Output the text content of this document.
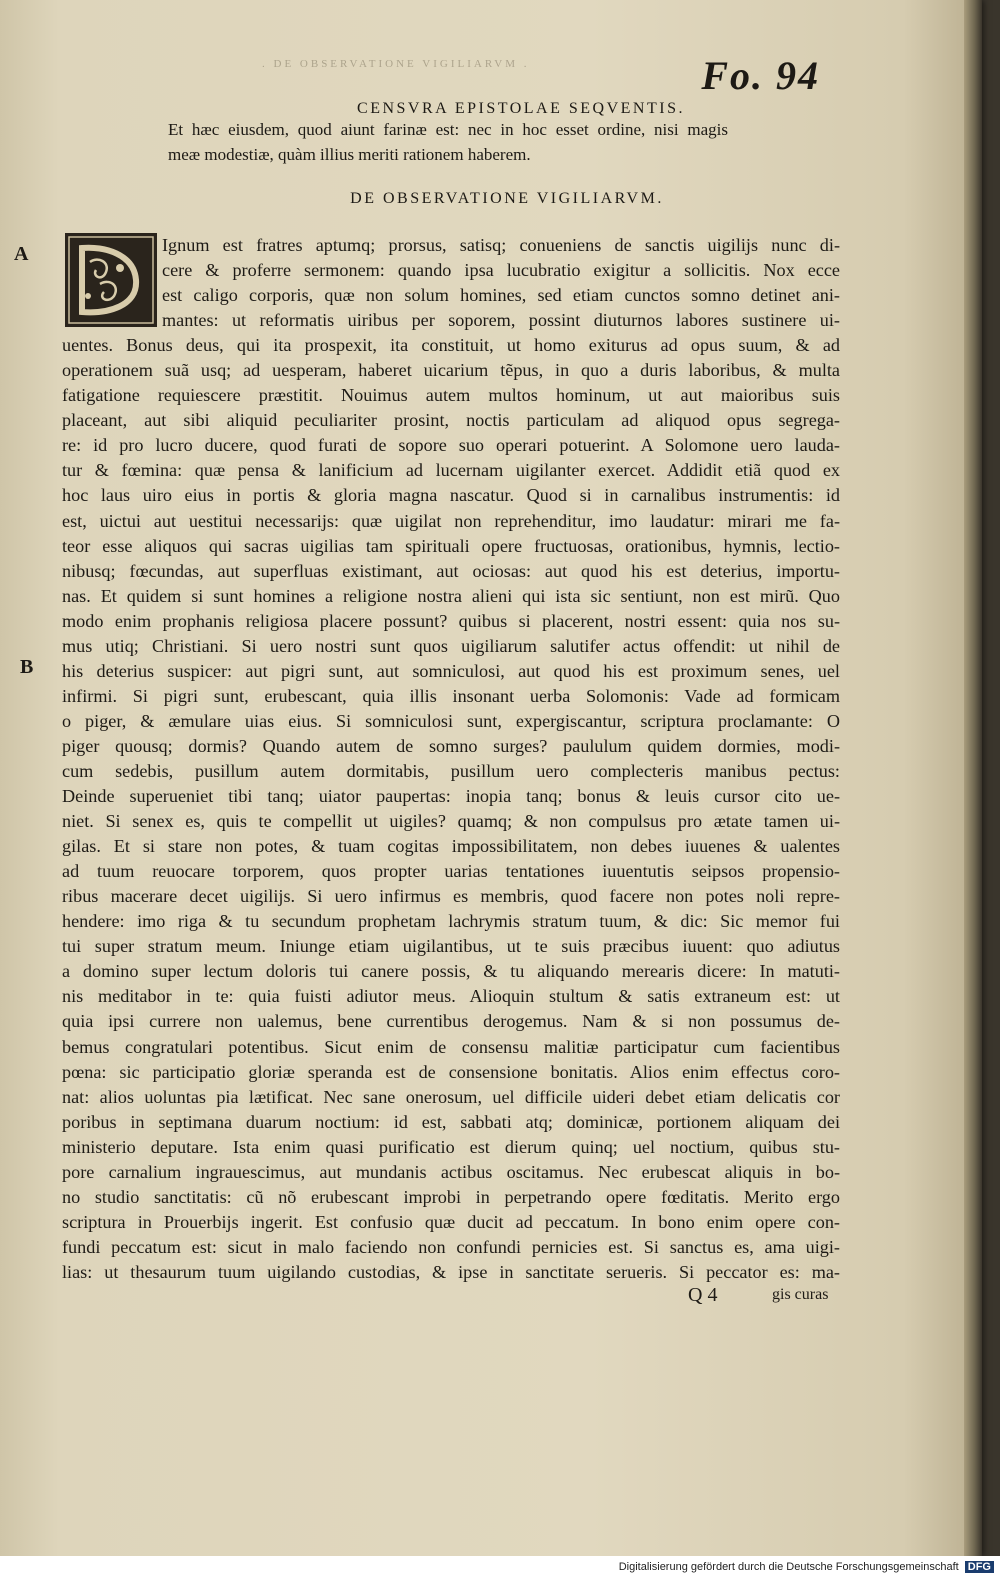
. DE OBSERVATIONE VIGILIARVM .	Fo. 94
CENSVRA EPISTOLAE SEQVENTIS.
Et hæc eiusdem, quod aiunt farinæ est: nec in hoc esset ordine, nisi magis
meæ modestiæ, quàm illius meriti rationem haberem.
DE OBSERVATIONE VIGILIARVM.
A
B
Ignum est fratres aptumq; prorsus, satisq; conueniens de sanctis uigilijs nunc di-
cere & proferre sermonem: quando ipsa lucubratio exigitur a sollicitis. Nox ecce
est caligo corporis, quæ non solum homines, sed etiam cunctos somno detinet ani-
mantes: ut reformatis uiribus per soporem, possint diuturnos labores sustinere ui-
uentes. Bonus deus, qui ita prospexit, ita constituit, ut homo exiturus ad opus suum, & ad
operationem suã usq; ad uesperam, haberet uicarium tẽpus, in quo a duris laboribus, & multa
fatigatione requiescere præstitit. Nouimus autem multos hominum, ut aut maioribus suis
placeant, aut sibi aliquid peculiariter prosint, noctis particulam ad aliquod opus segrega-
re: id pro lucro ducere, quod furati de sopore suo operari potuerint. A Solomone uero lauda-
tur & fœmina: quæ pensa & lanificium ad lucernam uigilanter exercet. Addidit etiã quod ex
hoc laus uiro eius in portis & gloria magna nascatur. Quod si in carnalibus instrumentis: id
est, uictui aut uestitui necessarijs: quæ uigilat non reprehenditur, imo laudatur: mirari me fa-
teor esse aliquos qui sacras uigilias tam spirituali opere fructuosas, orationibus, hymnis, lectio-
nibusq; fœcundas, aut superfluas existimant, aut ociosas: aut quod his est deterius, importu-
nas. Et quidem si sunt homines a religione nostra alieni qui ista sic sentiunt, non est mirũ. Quo
modo enim prophanis religiosa placere possunt? quibus si placerent, nostri essent: quia nos su-
mus utiq; Christiani. Si uero nostri sunt quos uigiliarum salutifer actus offendit: ut nihil de
his deterius suspicer: aut pigri sunt, aut somniculosi, aut quod his est proximum senes, uel
infirmi. Si pigri sunt, erubescant, quia illis insonant uerba Solomonis: Vade ad formicam
o piger, & æmulare uias eius. Si somniculosi sunt, expergiscantur, scriptura proclamante: O
piger quousq; dormis? Quando autem de somno surges? paululum quidem dormies, modi-
cum sedebis, pusillum autem dormitabis, pusillum uero complecteris manibus pectus:
Deinde superueniet tibi tanq; uiator paupertas: inopia tanq; bonus & leuis cursor cito ue-
niet. Si senex es, quis te compellit ut uigiles? quamq; & non compulsus pro ætate tamen ui-
gilas. Et si stare non potes, & tuam cogitas impossibilitatem, non debes iuuenes & ualentes
ad tuum reuocare torporem, quos propter uarias tentationes iuuentutis seipsos propensio-
ribus macerare decet uigilijs. Si uero infirmus es membris, quod facere non potes noli repre-
hendere: imo riga & tu secundum prophetam lachrymis stratum tuum, & dic: Sic memor fui
tui super stratum meum. Iniunge etiam uigilantibus, ut te suis præcibus iuuent: quo adiutus
a domino super lectum doloris tui canere possis, & tu aliquando merearis dicere: In matuti-
nis meditabor in te: quia fuisti adiutor meus. Alioquin stultum & satis extraneum est: ut
quia ipsi currere non ualemus, bene currentibus derogemus. Nam & si non possumus de-
bemus congratulari potentibus. Sicut enim de consensu malitiæ participatur cum facientibus
pœna: sic participatio gloriæ speranda est de consensione bonitatis. Alios enim effectus coro-
nat: alios uoluntas pia lætificat. Nec sane onerosum, uel difficile uideri debet etiam delicatis cor
poribus in septimana duarum noctium: id est, sabbati atq; dominicæ, portionem aliquam dei
ministerio deputare. Ista enim quasi purificatio est dierum quinq; uel noctium, quibus stu-
pore carnalium ingrauescimus, aut mundanis actibus oscitamus. Nec erubescat aliquis in bo-
no studio sanctitatis: cũ nõ erubescant improbi in perpetrando opere fœditatis. Merito ergo
scriptura in Prouerbijs ingerit. Est confusio quæ ducit ad peccatum. In bono enim opere con-
fundi peccatum est: sicut in malo faciendo non confundi pernicies est. Si sanctus es, ama uigi-
lias: ut thesaurum tuum uigilando custodias, & ipse in sanctitate serueris. Si peccator es: ma-
Q 4	gis curas
Digitalisierung gefördert durch die Deutsche Forschungsgemeinschaft DFG
